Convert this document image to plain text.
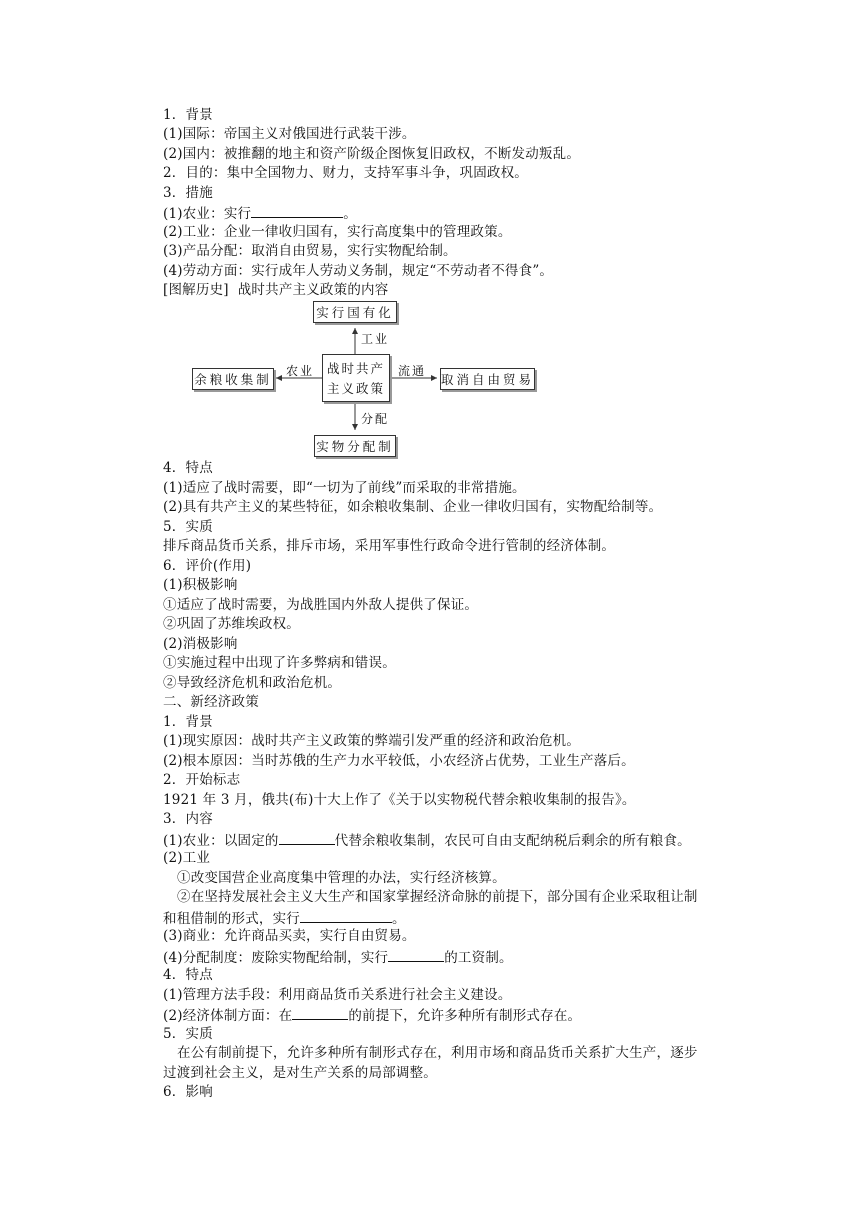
1．背景
(1)国际：帝国主义对俄国进行武装干涉。
(2)国内：被推翻的地主和资产阶级企图恢复旧政权，不断发动叛乱。
2．目的：集中全国物力、财力，支持军事斗争，巩固政权。
3．措施
(1)农业：实行	。
(2)工业：企业一律收归国有，实行高度集中的管理政策。
(3)产品分配：取消自由贸易，实行实物配给制。
(4)劳动方面：实行成年人劳动义务制，规定“不劳动者不得食”。
[图解历史] 战时共产主义政策的内容
实行国有化
余粮收集制	取消自由贸易
实物分配制
战时共产
主义政策
工业
农业	流通
分配
4．特点
(1)适应了战时需要，即“一切为了前线”而采取的非常措施。
(2)具有共产主义的某些特征，如余粮收集制、企业一律收归国有，实物配给制等。
5．实质
排斥商品货币关系，排斥市场，采用军事性行政命令进行管制的经济体制。
6．评价(作用)
(1)积极影响
①适应了战时需要，为战胜国内外敌人提供了保证。
②巩固了苏维埃政权。
(2)消极影响
①实施过程中出现了许多弊病和错误。
②导致经济危机和政治危机。
二、新经济政策
1．背景
(1)现实原因：战时共产主义政策的弊端引发严重的经济和政治危机。
(2)根本原因：当时苏俄的生产力水平较低，小农经济占优势，工业生产落后。
2．开始标志
1921 年 3 月，俄共(布)十大上作了《关于以实物税代替余粮收集制的报告》。
3．内容
(1)农业：以固定的	代替余粮收集制，农民可自由支配纳税后剩余的所有粮食。
(2)工业
①改变国营企业高度集中管理的办法，实行经济核算。
②在坚持发展社会主义大生产和国家掌握经济命脉的前提下，部分国有企业采取租让制
和租借制的形式，实行	。
(3)商业：允许商品买卖，实行自由贸易。
(4)分配制度：废除实物配给制，实行	的工资制。
4．特点
(1)管理方法手段：利用商品货币关系进行社会主义建设。
(2)经济体制方面：在	的前提下，允许多种所有制形式存在。
5．实质
在公有制前提下，允许多种所有制形式存在，利用市场和商品货币关系扩大生产，逐步
过渡到社会主义，是对生产关系的局部调整。
6．影响
